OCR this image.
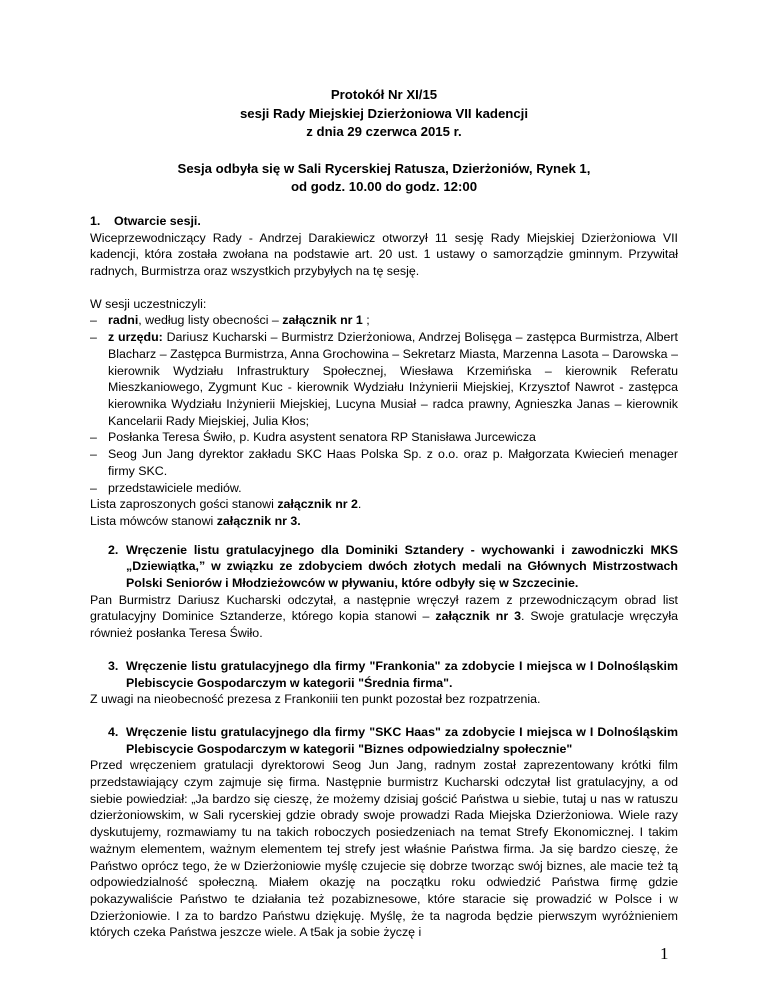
Protokół Nr XI/15
sesji Rady Miejskiej Dzierżoniowa VII kadencji
z dnia 29 czerwca 2015 r.
Sesja odbyła się w Sali Rycerskiej Ratusza, Dzierżoniów, Rynek 1,
od godz. 10.00 do godz. 12:00
1.	Otwarcie sesji.
Wiceprzewodniczący Rady - Andrzej Darakiewicz otworzył 11 sesję Rady Miejskiej Dzierżoniowa VII kadencji, która została zwołana na podstawie art. 20 ust. 1 ustawy o samorządzie gminnym. Przywitał radnych, Burmistrza oraz wszystkich przybyłych na tę sesję.
W sesji uczestniczyli:
– radni, według listy obecności – załącznik nr 1 ;
– z urzędu: Dariusz Kucharski – Burmistrz Dzierżoniowa, Andrzej Bolisęga – zastępca Burmistrza, Albert Blacharz – Zastępca Burmistrza, Anna Grochowina – Sekretarz Miasta, Marzenna Lasota – Darowska – kierownik Wydziału Infrastruktury Społecznej, Wiesława Krzemińska – kierownik Referatu Mieszkaniowego, Zygmunt Kuc - kierownik Wydziału Inżynierii Miejskiej, Krzysztof Nawrot - zastępca kierownika Wydziału Inżynierii Miejskiej, Lucyna Musiał – radca prawny, Agnieszka Janas – kierownik Kancelarii Rady Miejskiej, Julia Kłos;
– Posłanka Teresa Świło, p. Kudra asystent senatora RP Stanisława Jurcewicza
– Seog Jun Jang dyrektor zakładu SKC Haas Polska Sp. z o.o. oraz p. Małgorzata Kwiecień menager firmy SKC.
– przedstawiciele mediów.
Lista zaproszonych gości stanowi załącznik nr 2.
Lista mówców stanowi załącznik nr 3.
2. Wręczenie listu gratulacyjnego dla Dominiki Sztandery - wychowanki i zawodniczki MKS „Dziewiątka,” w związku ze zdobyciem dwóch złotych medali na Głównych Mistrzostwach Polski Seniorów i Młodzieżowców w pływaniu, które odbyły się w Szczecinie.
Pan Burmistrz Dariusz Kucharski odczytał, a następnie wręczył razem z przewodniczącym obrad list gratulacyjny Dominice Sztanderze, którego kopia stanowi – załącznik nr 3. Swoje gratulacje wręczyła również posłanka Teresa Świło.
3. Wręczenie listu gratulacyjnego dla firmy "Frankonia" za zdobycie I miejsca w I Dolnośląskim Plebiscycie Gospodarczym w kategorii "Średnia firma".
Z uwagi na nieobecność prezesa z Frankoniii ten punkt pozostał bez rozpatrzenia.
4. Wręczenie listu gratulacyjnego dla firmy "SKC Haas" za zdobycie I miejsca w I Dolnośląskim Plebiscycie Gospodarczym w kategorii "Biznes odpowiedzialny społecznie"
Przed wręczeniem gratulacji dyrektorowi Seog Jun Jang, radnym został zaprezentowany krótki film przedstawiający czym zajmuje się firma. Następnie burmistrz Kucharski odczytał list gratulacyjny, a od siebie powiedział: „Ja bardzo się cieszę, że możemy dzisiaj gościć Państwa u siebie, tutaj u nas w ratuszu dzierżoniowskim, w Sali rycerskiej gdzie obrady swoje prowadzi Rada Miejska Dzierżoniowa. Wiele razy dyskutujemy, rozmawiamy tu na takich roboczych posiedzeniach na temat Strefy Ekonomicznej. I takim ważnym elementem, ważnym elementem tej strefy jest właśnie Państwa firma. Ja się bardzo cieszę, że Państwo oprócz tego, że w Dzierżoniowie myślę czujecie się dobrze tworząc swój biznes, ale macie też tą odpowiedzialność społeczną. Miałem okazję na początku roku odwiedzić Państwa firmę gdzie pokazywaliście Państwo te działania też pozabiznesowe, które staracie się prowadzić w Polsce i w Dzierżoniowie. I za to bardzo Państwu dziękuję. Myślę, że ta nagroda będzie pierwszym wyróżnieniem których czeka Państwa jeszcze wiele. A t5ak ja sobie życzę i
1
